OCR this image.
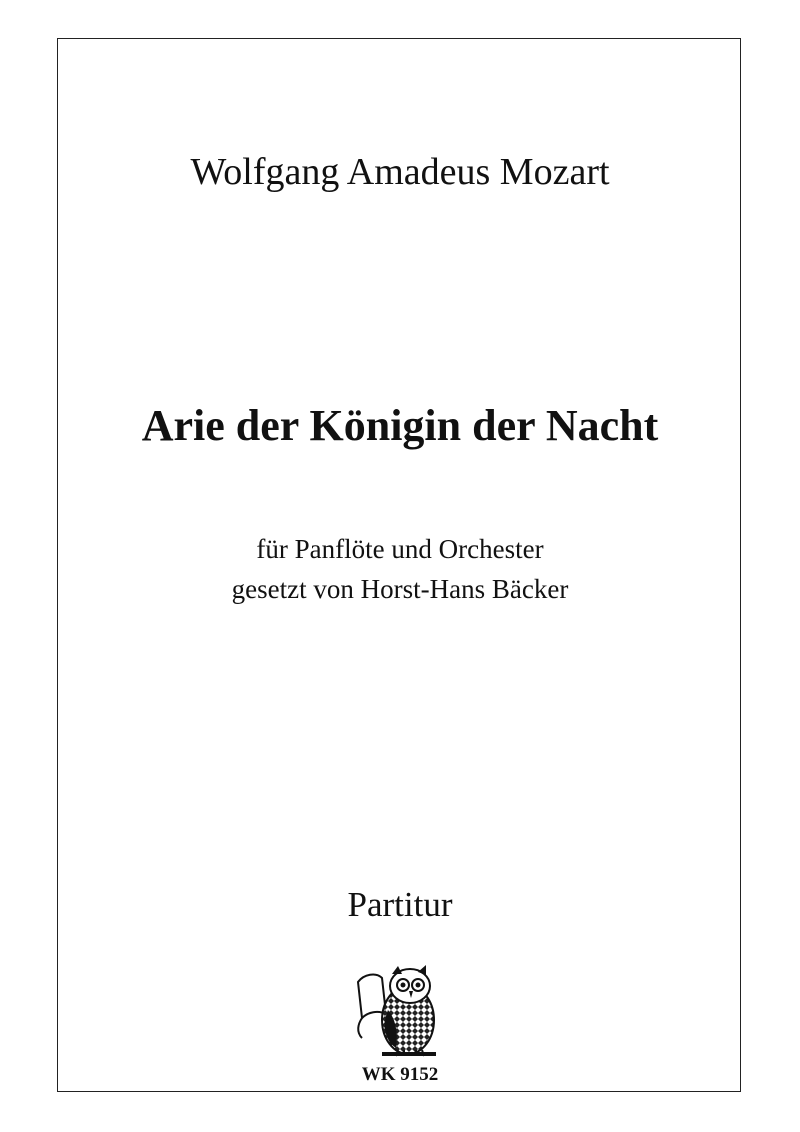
Wolfgang Amadeus Mozart

Arie der Königin der Nacht

für Panflöte und Orchester

gesetzt von Horst-Hans Bäcker

Partitur

WK 9152
